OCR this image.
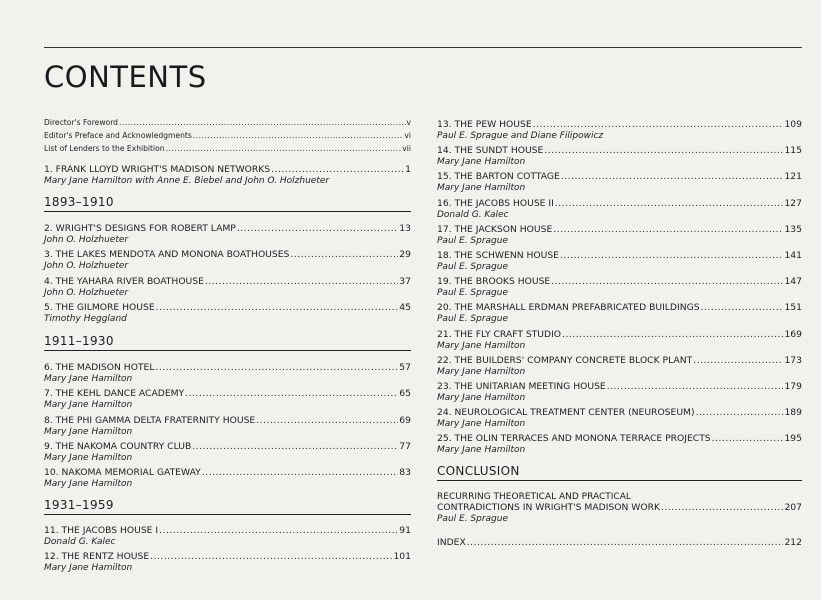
CONTENTS
Director's Foreword .....	v
Editor's Preface and Acknowledgments .....	vi
List of Lenders to the Exhibition .....	vii
1. FRANK LLOYD WRIGHT'S MADISON NETWORKS .....	1
Mary Jane Hamilton with Anne E. Biebel and John O. Holzhueter
1893–1910
2. WRIGHT'S DESIGNS FOR ROBERT LAMP .....	13
John O. Holzhueter
3. THE LAKES MENDOTA AND MONONA BOATHOUSES .....	29
John O. Holzhueter
4. THE YAHARA RIVER BOATHOUSE .....	37
John O. Holzhueter
5. THE GILMORE HOUSE .....	45
Timothy Heggland
1911–1930
6. THE MADISON HOTEL .....	57
Mary Jane Hamilton
7. THE KEHL DANCE ACADEMY .....	65
Mary Jane Hamilton
8. THE PHI GAMMA DELTA FRATERNITY HOUSE .....	69
Mary Jane Hamilton
9. THE NAKOMA COUNTRY CLUB .....	77
Mary Jane Hamilton
10. NAKOMA MEMORIAL GATEWAY .....	83
Mary Jane Hamilton
1931–1959
11. THE JACOBS HOUSE I .....	91
Donald G. Kalec
12. THE RENTZ HOUSE .....	101
Mary Jane Hamilton
13. THE PEW HOUSE .....	109
Paul E. Sprague and Diane Filipowicz
14. THE SUNDT HOUSE .....	115
Mary Jane Hamilton
15. THE BARTON COTTAGE .....	121
Mary Jane Hamilton
16. THE JACOBS HOUSE II .....	127
Donald G. Kalec
17. THE JACKSON HOUSE .....	135
Paul E. Sprague
18. THE SCHWENN HOUSE .....	141
Paul E. Sprague
19. THE BROOKS HOUSE .....	147
Paul E. Sprague
20. THE MARSHALL ERDMAN PREFABRICATED BUILDINGS .....	151
Paul E. Sprague
21. THE FLY CRAFT STUDIO .....	169
Mary Jane Hamilton
22. THE BUILDERS' COMPANY CONCRETE BLOCK PLANT .....	173
Mary Jane Hamilton
23. THE UNITARIAN MEETING HOUSE .....	179
Mary Jane Hamilton
24. NEUROLOGICAL TREATMENT CENTER (NEUROSEUM) .....	189
Mary Jane Hamilton
25. THE OLIN TERRACES AND MONONA TERRACE PROJECTS .....	195
Mary Jane Hamilton
CONCLUSION
RECURRING THEORETICAL AND PRACTICAL
CONTRADICTIONS IN WRIGHT'S MADISON WORK .....	207
Paul E. Sprague
INDEX .....	212
